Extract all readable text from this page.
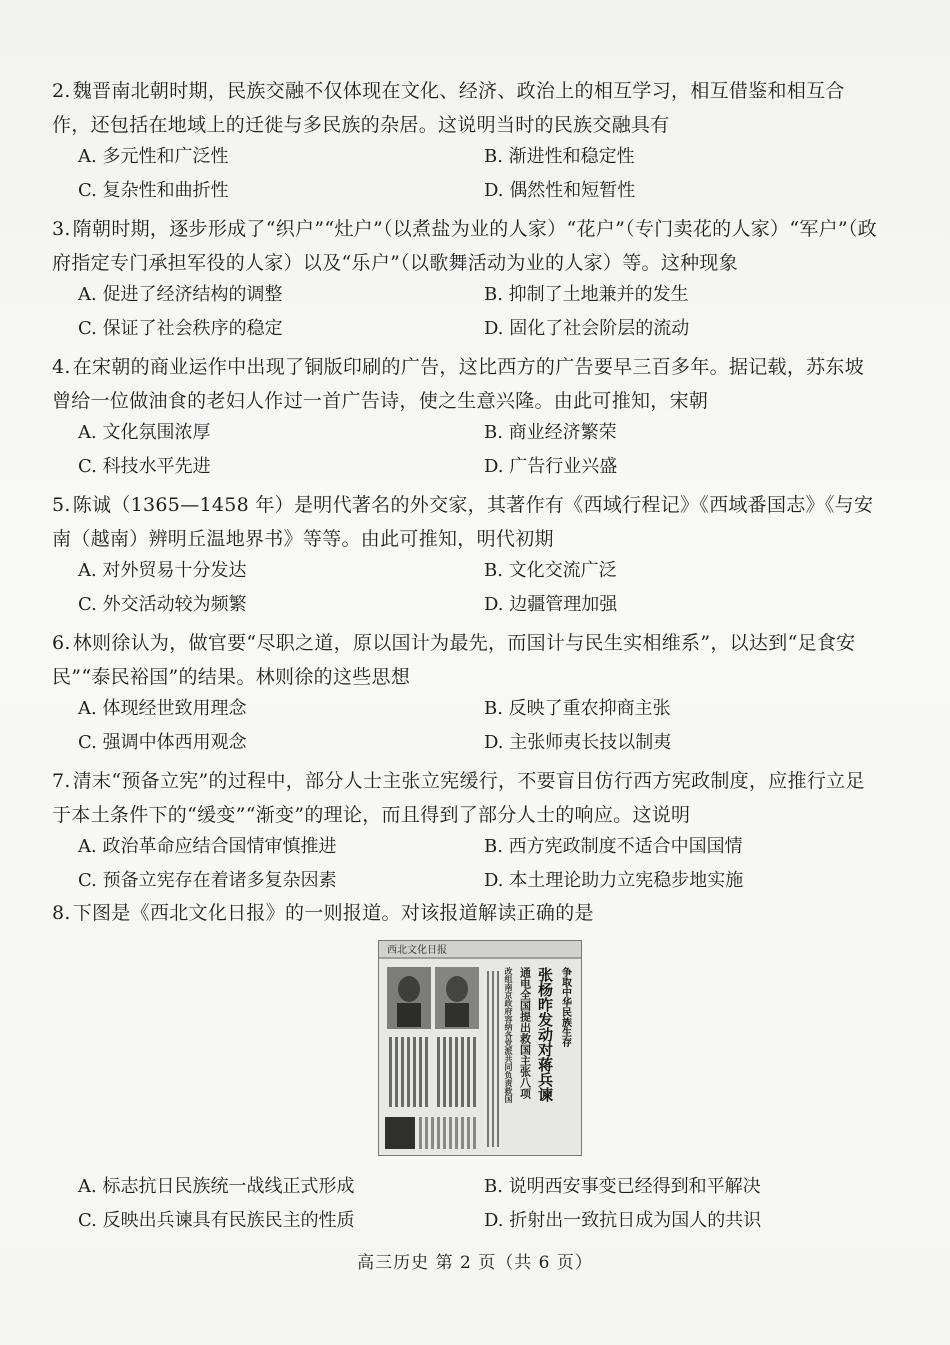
2. 魏晋南北朝时期，民族交融不仅体现在文化、经济、政治上的相互学习，相互借鉴和相互合作，还包括在地域上的迁徙与多民族的杂居。这说明当时的民族交融具有
A. 多元性和广泛性	B. 渐进性和稳定性
C. 复杂性和曲折性	D. 偶然性和短暂性
3. 隋朝时期，逐步形成了“织户”“灶户”（以煮盐为业的人家）“花户”（专门卖花的人家）“军户”（政府指定专门承担军役的人家）以及“乐户”（以歌舞活动为业的人家）等。这种现象
A. 促进了经济结构的调整	B. 抑制了土地兼并的发生
C. 保证了社会秩序的稳定	D. 固化了社会阶层的流动
4. 在宋朝的商业运作中出现了铜版印刷的广告，这比西方的广告要早三百多年。据记载，苏东坡曾给一位做油食的老妇人作过一首广告诗，使之生意兴隆。由此可推知，宋朝
A. 文化氛围浓厚	B. 商业经济繁荣
C. 科技水平先进	D. 广告行业兴盛
5. 陈诚（1365—1458 年）是明代著名的外交家，其著作有《西域行程记》《西域番国志》《与安南（越南）辨明丘温地界书》等等。由此可推知，明代初期
A. 对外贸易十分发达	B. 文化交流广泛
C. 外交活动较为频繁	D. 边疆管理加强
6. 林则徐认为，做官要“尽职之道，原以国计为最先，而国计与民生实相维系”，以达到“足食安民”“泰民裕国”的结果。林则徐的这些思想
A. 体现经世致用理念	B. 反映了重农抑商主张
C. 强调中体西用观念	D. 主张师夷长技以制夷
7. 清末“预备立宪”的过程中，部分人士主张立宪缓行，不要盲目仿行西方宪政制度，应推行立足于本土条件下的“缓变”“渐变”的理论，而且得到了部分人士的响应。这说明
A. 政治革命应结合国情审慎推进	B. 西方宪政制度不适合中国国情
C. 预备立宪存在着诸多复杂因素	D. 本土理论助力立宪稳步地实施
8. 下图是《西北文化日报》的一则报道。对该报道解读正确的是
西北文化日报
争取中华民族生存
张杨昨发动对蒋兵谏
通电全国提出救国主张八项
改组南京政府容纳各党派共同负责救国
A. 标志抗日民族统一战线正式形成	B. 说明西安事变已经得到和平解决
C. 反映出兵谏具有民族民主的性质	D. 折射出一致抗日成为国人的共识
高三历史 第 2 页（共 6 页）
